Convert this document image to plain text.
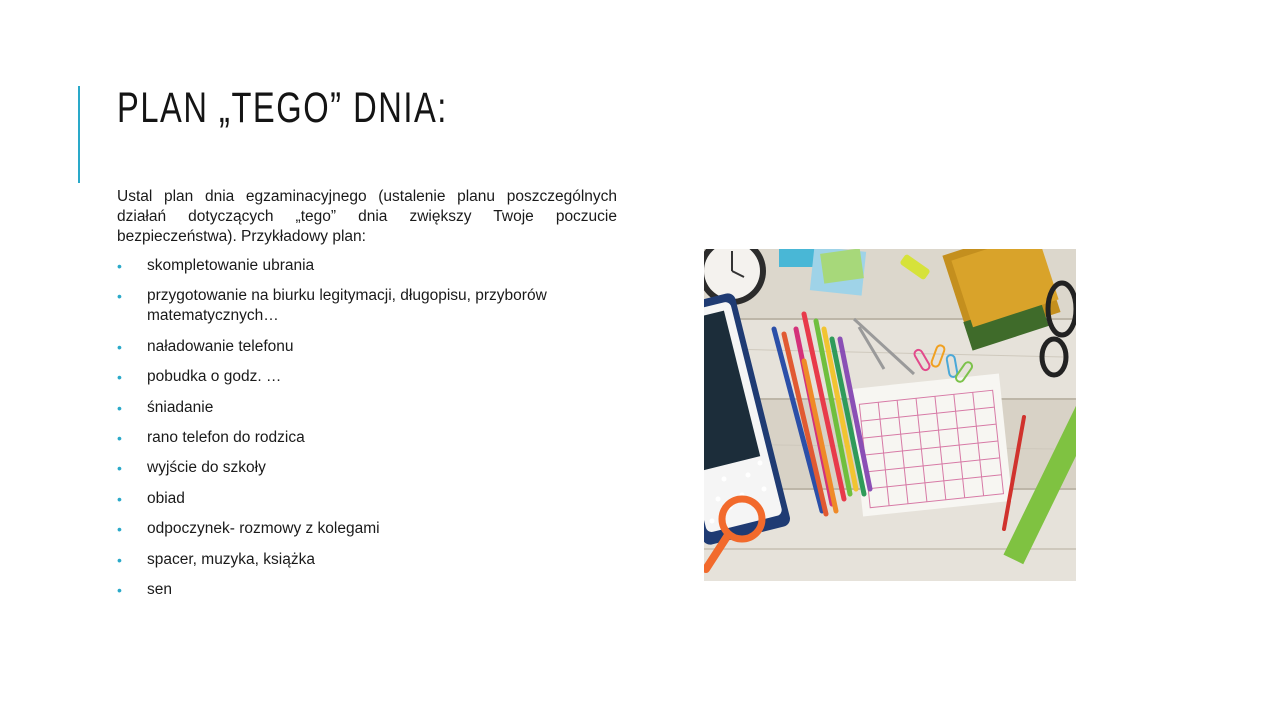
PLAN „TEGO” DNIA:

Ustal plan dnia egzaminacyjnego (ustalenie planu poszczególnych działań dotyczących „tego” dnia zwiększy Twoje poczucie bezpieczeństwa). Przykładowy plan:

• skompletowanie ubrania
• przygotowanie na biurku legitymacji, długopisu, przyborów matematycznych…
• naładowanie telefonu
• pobudka o godz. …
• śniadanie
• rano telefon do rodzica
• wyjście do szkoły
• obiad
• odpoczynek- rozmowy z kolegami
• spacer, muzyka, książka
• sen
